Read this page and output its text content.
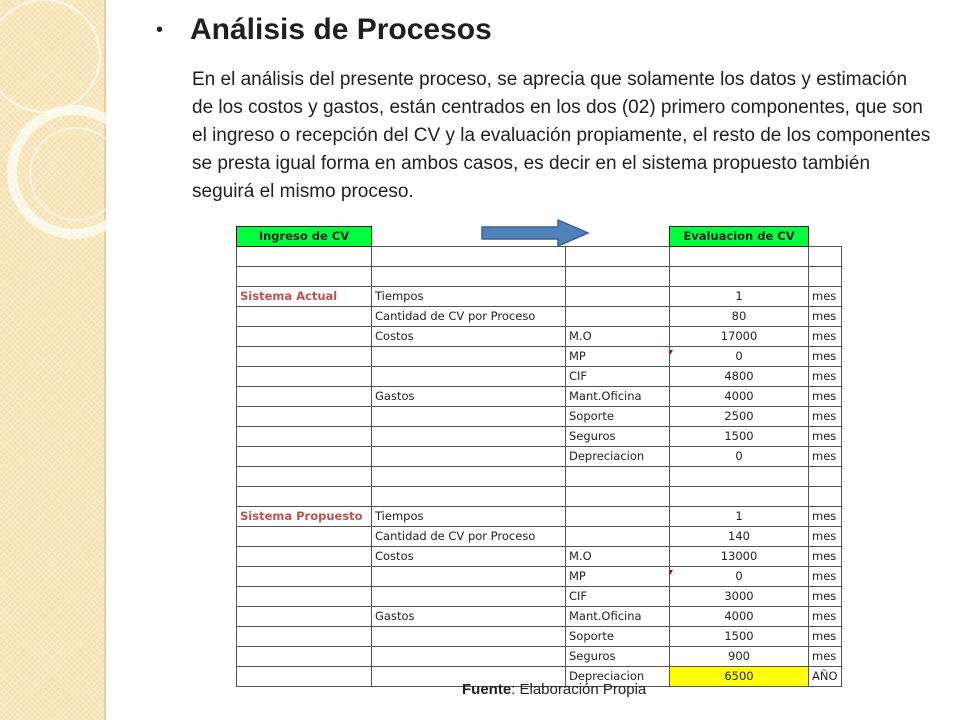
• Análisis de Procesos

En el análisis del presente proceso, se aprecia que solamente los datos y estimación de los costos y gastos, están centrados en los dos (02) primero componentes, que son el ingreso o recepción del CV y la evaluación propiamente, el resto de los componentes se presta igual forma en ambos casos, es decir en el sistema propuesto también seguirá el mismo proceso.

Ingreso de CV			Evaluacion de CV	

Sistema Actual	Tiempos		1	mes
	Cantidad de CV por Proceso		80	mes
	Costos	M.O	17000	mes
		MP	0	mes
		CIF	4800	mes
	Gastos	Mant.Oficina	4000	mes
		Soporte	2500	mes
		Seguros	1500	mes
		Depreciacion	0	mes

Sistema Propuesto	Tiempos		1	mes
	Cantidad de CV por Proceso		140	mes
	Costos	M.O	13000	mes
		MP	0	mes
		CIF	3000	mes
	Gastos	Mant.Oficina	4000	mes
		Soporte	1500	mes
		Seguros	900	mes
		Depreciacion	6500	AÑO

Fuente: Elaboración Propia
